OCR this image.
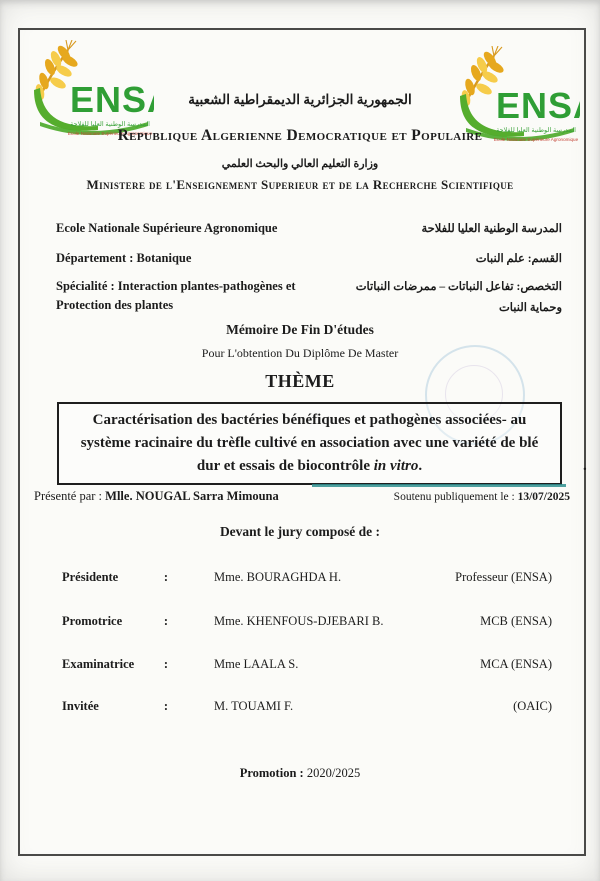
الجمهورية الجزائرية الديمقراطية الشعبية
Republique Algerienne Democratique et Populaire
وزارة التعليم العالي والبحث العلمي
Ministere de l'Enseignement Superieur et de la Recherche Scientifique
Ecole Nationale Supérieure Agronomique	المدرسة الوطنية العليا للفلاحة
Département : Botanique	القسم: علم النبات
Spécialité : Interaction plantes-pathogènes et Protection des plantes
التخصص: تفاعل النباتات – ممرضات النباتات وحماية النبات
Mémoire De Fin D'études
Pour L'obtention Du Diplôme De Master
THÈME
Caractérisation des bactéries bénéfiques et pathogènes associées- au système racinaire du trèfle cultivé en association avec une variété de blé dur et essais de biocontrôle in vitro.	.
Présenté par : Mlle. NOUGAL Sarra Mimouna	Soutenu publiquement le : 13/07/2025
Devant le jury composé de :
Présidente	:	Mme. BOURAGHDA H.	Professeur (ENSA)
Promotrice	:	Mme. KHENFOUS-DJEBARI B.	MCB (ENSA)
Examinatrice :	Mme LAALA S.	MCA (ENSA)
Invitée	:	M. TOUAMI F.	(OAIC)
Promotion : 2020/2025
